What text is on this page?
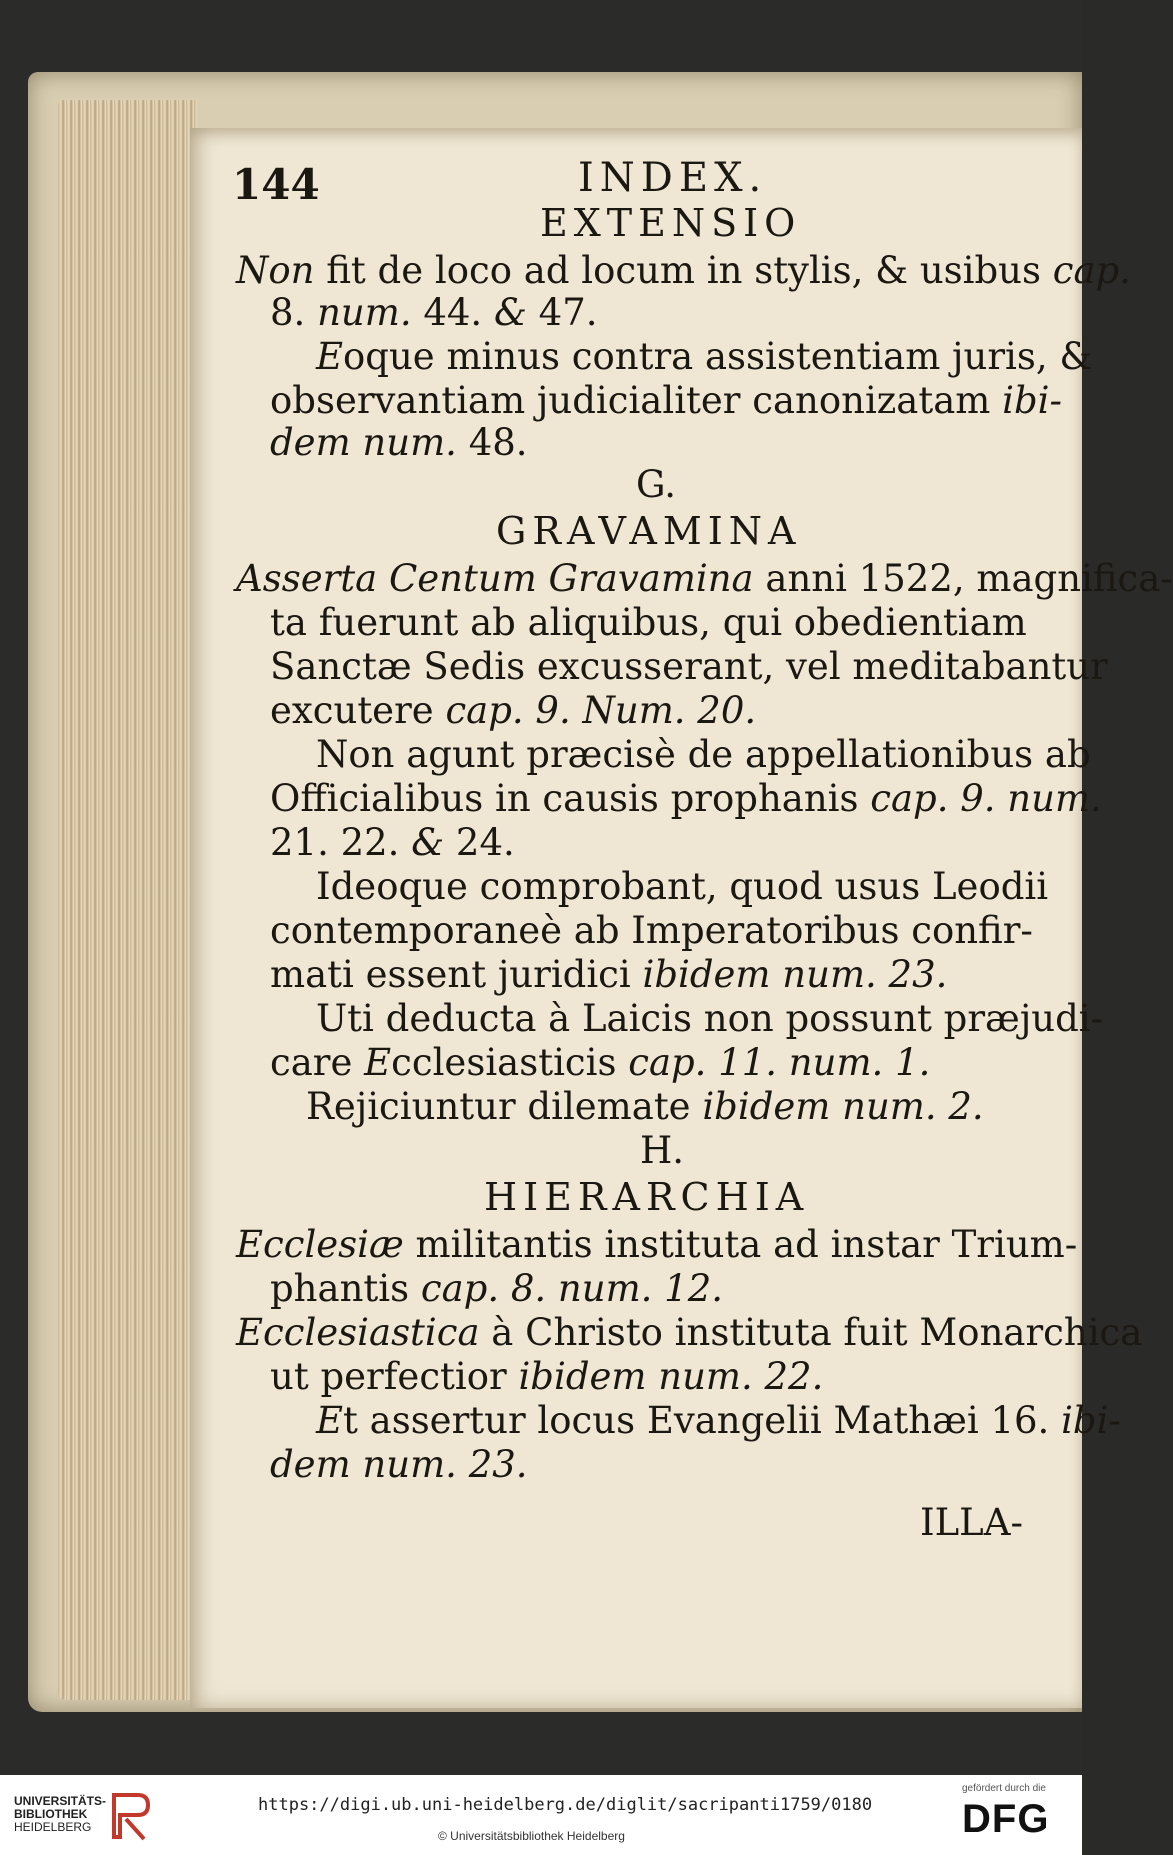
144	INDEX.
EXTENSIO
Non fit de loco ad locum in stylis, & usibus cap.
8. num. 44. & 47.
Eoque minus contra assistentiam juris, &
observantiam judicialiter canonizatam ibi-
dem num. 48.
G.
GRAVAMINA
Asserta Centum Gravamina anni 1522, magnifica-
ta fuerunt ab aliquibus, qui obedientiam
Sanctæ Sedis excusserant, vel meditabantur
excutere cap. 9. Num. 20.
Non agunt præcisè de appellationibus ab
Officialibus in causis prophanis cap. 9. num.
21. 22. & 24.
Ideoque comprobant, quod usus Leodii
contemporaneè ab Imperatoribus confir-
mati essent juridici ibidem num. 23.
Uti deducta à Laicis non possunt præjudi-
care Ecclesiasticis cap. 11. num. 1.
Rejiciuntur dilemate ibidem num. 2.
H.
HIERARCHIA
Ecclesiæ militantis instituta ad instar Trium-
phantis cap. 8. num. 12.
Ecclesiastica à Christo instituta fuit Monarchica
ut perfectior ibidem num. 22.
Et assertur locus Evangelii Mathæi 16. ibi-
dem num. 23.
ILLA-
UNIVERSITÄTS-
BIBLIOTHEK
HEIDELBERG
https://digi.ub.uni-heidelberg.de/diglit/sacripanti1759/0180
© Universitätsbibliothek Heidelberg
gefördert durch die
DFG
